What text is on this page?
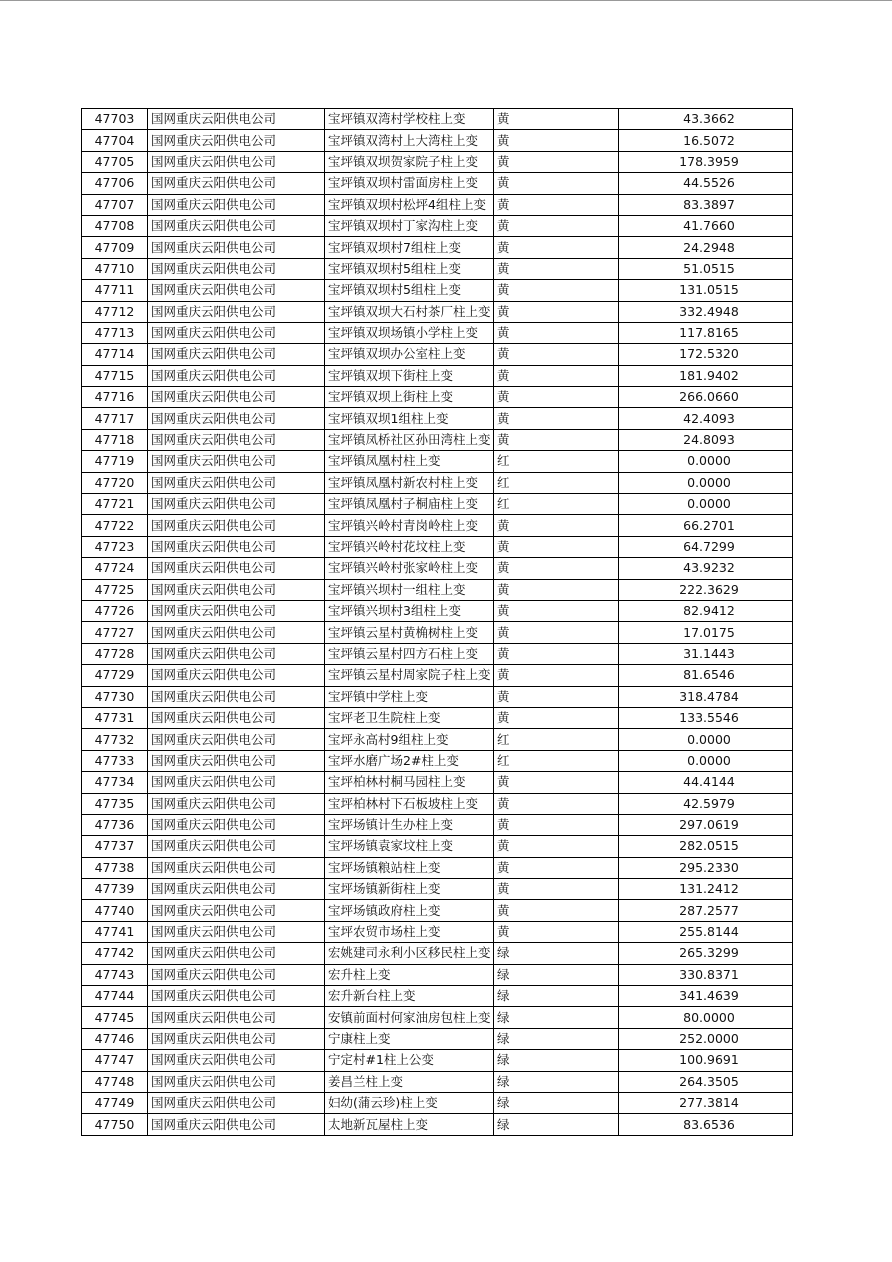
47703	国网重庆云阳供电公司	宝坪镇双湾村学校柱上变	黄	43.3662
47704	国网重庆云阳供电公司	宝坪镇双湾村上大湾柱上变	黄	16.5072
47705	国网重庆云阳供电公司	宝坪镇双坝贺家院子柱上变	黄	178.3959
47706	国网重庆云阳供电公司	宝坪镇双坝村雷面房柱上变	黄	44.5526
47707	国网重庆云阳供电公司	宝坪镇双坝村松坪4组柱上变	黄	83.3897
47708	国网重庆云阳供电公司	宝坪镇双坝村丁家沟柱上变	黄	41.7660
47709	国网重庆云阳供电公司	宝坪镇双坝村7组柱上变	黄	24.2948
47710	国网重庆云阳供电公司	宝坪镇双坝村5组柱上变	黄	51.0515
47711	国网重庆云阳供电公司	宝坪镇双坝村5组柱上变	黄	131.0515
47712	国网重庆云阳供电公司	宝坪镇双坝大石村茶厂柱上变	黄	332.4948
47713	国网重庆云阳供电公司	宝坪镇双坝场镇小学柱上变	黄	117.8165
47714	国网重庆云阳供电公司	宝坪镇双坝办公室柱上变	黄	172.5320
47715	国网重庆云阳供电公司	宝坪镇双坝下街柱上变	黄	181.9402
47716	国网重庆云阳供电公司	宝坪镇双坝上街柱上变	黄	266.0660
47717	国网重庆云阳供电公司	宝坪镇双坝1组柱上变	黄	42.4093
47718	国网重庆云阳供电公司	宝坪镇凤桥社区孙田湾柱上变	黄	24.8093
47719	国网重庆云阳供电公司	宝坪镇凤凰村柱上变	红	0.0000
47720	国网重庆云阳供电公司	宝坪镇凤凰村新农村柱上变	红	0.0000
47721	国网重庆云阳供电公司	宝坪镇凤凰村子桐庙柱上变	红	0.0000
47722	国网重庆云阳供电公司	宝坪镇兴岭村青岗岭柱上变	黄	66.2701
47723	国网重庆云阳供电公司	宝坪镇兴岭村花坟柱上变	黄	64.7299
47724	国网重庆云阳供电公司	宝坪镇兴岭村张家岭柱上变	黄	43.9232
47725	国网重庆云阳供电公司	宝坪镇兴坝村一组柱上变	黄	222.3629
47726	国网重庆云阳供电公司	宝坪镇兴坝村3组柱上变	黄	82.9412
47727	国网重庆云阳供电公司	宝坪镇云星村黄桷树柱上变	黄	17.0175
47728	国网重庆云阳供电公司	宝坪镇云星村四方石柱上变	黄	31.1443
47729	国网重庆云阳供电公司	宝坪镇云星村周家院子柱上变	黄	81.6546
47730	国网重庆云阳供电公司	宝坪镇中学柱上变	黄	318.4784
47731	国网重庆云阳供电公司	宝坪老卫生院柱上变	黄	133.5546
47732	国网重庆云阳供电公司	宝坪永高村9组柱上变	红	0.0000
47733	国网重庆云阳供电公司	宝坪水磨广场2#柱上变	红	0.0000
47734	国网重庆云阳供电公司	宝坪柏林村桐马园柱上变	黄	44.4144
47735	国网重庆云阳供电公司	宝坪柏林村下石板坡柱上变	黄	42.5979
47736	国网重庆云阳供电公司	宝坪场镇计生办柱上变	黄	297.0619
47737	国网重庆云阳供电公司	宝坪场镇袁家坟柱上变	黄	282.0515
47738	国网重庆云阳供电公司	宝坪场镇粮站柱上变	黄	295.2330
47739	国网重庆云阳供电公司	宝坪场镇新街柱上变	黄	131.2412
47740	国网重庆云阳供电公司	宝坪场镇政府柱上变	黄	287.2577
47741	国网重庆云阳供电公司	宝坪农贸市场柱上变	黄	255.8144
47742	国网重庆云阳供电公司	宏姚建司永利小区移民柱上变	绿	265.3299
47743	国网重庆云阳供电公司	宏升柱上变	绿	330.8371
47744	国网重庆云阳供电公司	宏升新台柱上变	绿	341.4639
47745	国网重庆云阳供电公司	安镇前面村何家油房包柱上变	绿	80.0000
47746	国网重庆云阳供电公司	宁康柱上变	绿	252.0000
47747	国网重庆云阳供电公司	宁定村#1柱上公变	绿	100.9691
47748	国网重庆云阳供电公司	姜昌兰柱上变	绿	264.3505
47749	国网重庆云阳供电公司	妇幼(蒲云珍)柱上变	绿	277.3814
47750	国网重庆云阳供电公司	太地新瓦屋柱上变	绿	83.6536
